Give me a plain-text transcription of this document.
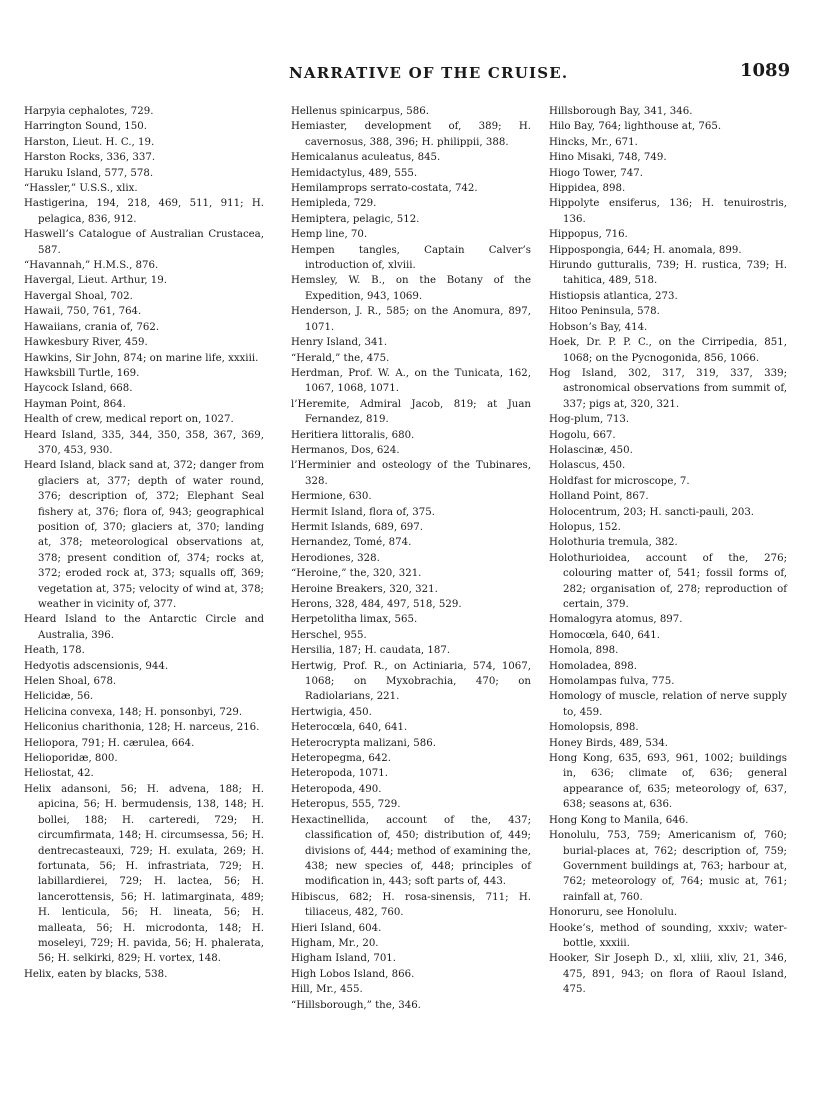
NARRATIVE OF THE CRUISE.	1089

Harpyia cephalotes, 729.

Harrington Sound, 150.

Harston, Lieut. H. C., 19.

Harston Rocks, 336, 337.

Haruku Island, 577, 578.

“Hassler,” U.S.S., xlix.

Hastigerina, 194, 218, 469, 511, 911; H. pelagica, 836, 912.

Haswell’s Catalogue of Australian Crustacea, 587.

“Havannah,” H.M.S., 876.

Havergal, Lieut. Arthur, 19.

Havergal Shoal, 702.

Hawaii, 750, 761, 764.

Hawaiians, crania of, 762.

Hawkesbury River, 459.

Hawkins, Sir John, 874; on marine life, xxxiii.

Hawksbill Turtle, 169.

Haycock Island, 668.

Hayman Point, 864.

Health of crew, medical report on, 1027.

Heard Island, 335, 344, 350, 358, 367, 369, 370, 453, 930.

Heard Island, black sand at, 372; danger from glaciers at, 377; depth of water round, 376; description of, 372; Elephant Seal fishery at, 376; flora of, 943; geographical position of, 370; glaciers at, 370; landing at, 378; meteorological observations at, 378; present condition of, 374; rocks at, 372; eroded rock at, 373; squalls off, 369; vegetation at, 375; velocity of wind at, 378; weather in vicinity of, 377.

Heard Island to the Antarctic Circle and Australia, 396.

Heath, 178.

Hedyotis adscensionis, 944.

Helen Shoal, 678.

Helicidæ, 56.

Helicina convexa, 148; H. ponsonbyi, 729.

Heliconius charithonia, 128; H. narceus, 216.

Heliopora, 791; H. cærulea, 664.

Helioporidæ, 800.

Heliostat, 42.

Helix adansoni, 56; H. advena, 188; H. apicina, 56; H. bermudensis, 138, 148; H. bollei, 188; H. carteredi, 729; H. circumfirmata, 148; H. circumsessa, 56; H. dentrecasteauxi, 729; H. exulata, 269; H. fortunata, 56; H. infrastriata, 729; H. labillardierei, 729; H. lactea, 56; H. lancerottensis, 56; H. latimarginata, 489; H. lenticula, 56; H. lineata, 56; H. malleata, 56; H. microdonta, 148; H. moseleyi, 729; H. pavida, 56; H. phalerata, 56; H. selkirki, 829; H. vortex, 148.

Helix, eaten by blacks, 538.

Hellenus spinicarpus, 586.

Hemiaster, development of, 389; H. cavernosus, 388, 396; H. philippii, 388.

Hemicalanus aculeatus, 845.

Hemidactylus, 489, 555.

Hemilamprops serrato-costata, 742.

Hemipleda, 729.

Hemiptera, pelagic, 512.

Hemp line, 70.

Hempen tangles, Captain Calver’s introduction of, xlviii.

Hemsley, W. B., on the Botany of the Expedition, 943, 1069.

Henderson, J. R., 585; on the Anomura, 897, 1071.

Henry Island, 341.

“Herald,” the, 475.

Herdman, Prof. W. A., on the Tunicata, 162, 1067, 1068, 1071.

l’Heremite, Admiral Jacob, 819; at Juan Fernandez, 819.

Heritiera littoralis, 680.

Hermanos, Dos, 624.

l’Herminier and osteology of the Tubinares, 328.

Hermione, 630.

Hermit Island, flora of, 375.

Hermit Islands, 689, 697.

Hernandez, Tomé, 874.

Herodiones, 328.

“Heroine,” the, 320, 321.

Heroine Breakers, 320, 321.

Herons, 328, 484, 497, 518, 529.

Herpetolitha limax, 565.

Herschel, 955.

Hersilia, 187; H. caudata, 187.

Hertwig, Prof. R., on Actiniaria, 574, 1067, 1068; on Myxobrachia, 470; on Radiolarians, 221.

Hertwigia, 450.

Heterocœla, 640, 641.

Heterocrypta malizani, 586.

Heteropegma, 642.

Heteropoda, 1071.

Heteropoda, 490.

Heteropus, 555, 729.

Hexactinellida, account of the, 437; classification of, 450; distribution of, 449; divisions of, 444; method of examining the, 438; new species of, 448; principles of modification in, 443; soft parts of, 443.

Hibiscus, 682; H. rosa-sinensis, 711; H. tiliaceus, 482, 760.

Hieri Island, 604.

Higham, Mr., 20.

Higham Island, 701.

High Lobos Island, 866.

Hill, Mr., 455.

“Hillsborough,” the, 346.

Hillsborough Bay, 341, 346.

Hilo Bay, 764; lighthouse at, 765.

Hincks, Mr., 671.

Hino Misaki, 748, 749.

Hiogo Tower, 747.

Hippidea, 898.

Hippolyte ensiferus, 136; H. tenuirostris, 136.

Hippopus, 716.

Hippospongia, 644; H. anomala, 899.

Hirundo gutturalis, 739; H. rustica, 739; H. tahitica, 489, 518.

Histiopsis atlantica, 273.

Hitoo Peninsula, 578.

Hobson’s Bay, 414.

Hoek, Dr. P. P. C., on the Cirripedia, 851, 1068; on the Pycnogonida, 856, 1066.

Hog Island, 302, 317, 319, 337, 339; astronomical observations from summit of, 337; pigs at, 320, 321.

Hog-plum, 713.

Hogolu, 667.

Holascinæ, 450.

Holascus, 450.

Holdfast for microscope, 7.

Holland Point, 867.

Holocentrum, 203; H. sancti-pauli, 203.

Holopus, 152.

Holothuria tremula, 382.

Holothurioidea, account of the, 276; colouring matter of, 541; fossil forms of, 282; organisation of, 278; reproduction of certain, 379.

Homalogyra atomus, 897.

Homocœla, 640, 641.

Homola, 898.

Homoladea, 898.

Homolampas fulva, 775.

Homology of muscle, relation of nerve supply to, 459.

Homolopsis, 898.

Honey Birds, 489, 534.

Hong Kong, 635, 693, 961, 1002; buildings in, 636; climate of, 636; general appearance of, 635; meteorology of, 637, 638; seasons at, 636.

Hong Kong to Manila, 646.

Honolulu, 753, 759; Americanism of, 760; burial-places at, 762; description of, 759; Government buildings at, 763; harbour at, 762; meteorology of, 764; music at, 761; rainfall at, 760.

Honoruru, see Honolulu.

Hooke’s, method of sounding, xxxiv; water-bottle, xxxiii.

Hooker, Sir Joseph D., xl, xliii, xliv, 21, 346, 475, 891, 943; on flora of Raoul Island, 475.
